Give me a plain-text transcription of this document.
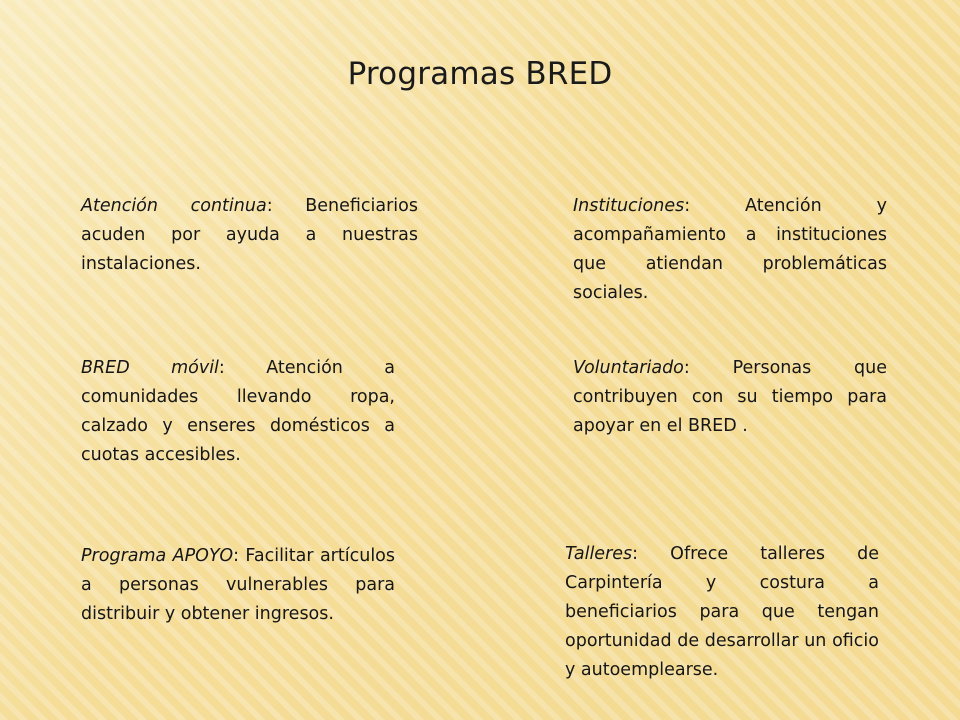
Programas BRED
Atención continua: Beneficiarios acuden por ayuda a nuestras instalaciones.
Instituciones: Atención y acompañamiento a instituciones que atiendan problemáticas sociales.
BRED móvil: Atención a comunidades llevando ropa, calzado y enseres domésticos a cuotas accesibles.
Voluntariado: Personas que contribuyen con su tiempo para apoyar en el BRED .
Programa APOYO: Facilitar artículos a personas vulnerables para distribuir y obtener ingresos.
Talleres: Ofrece talleres de Carpintería y costura a beneficiarios para que tengan oportunidad de desarrollar un oficio y autoemplearse.
